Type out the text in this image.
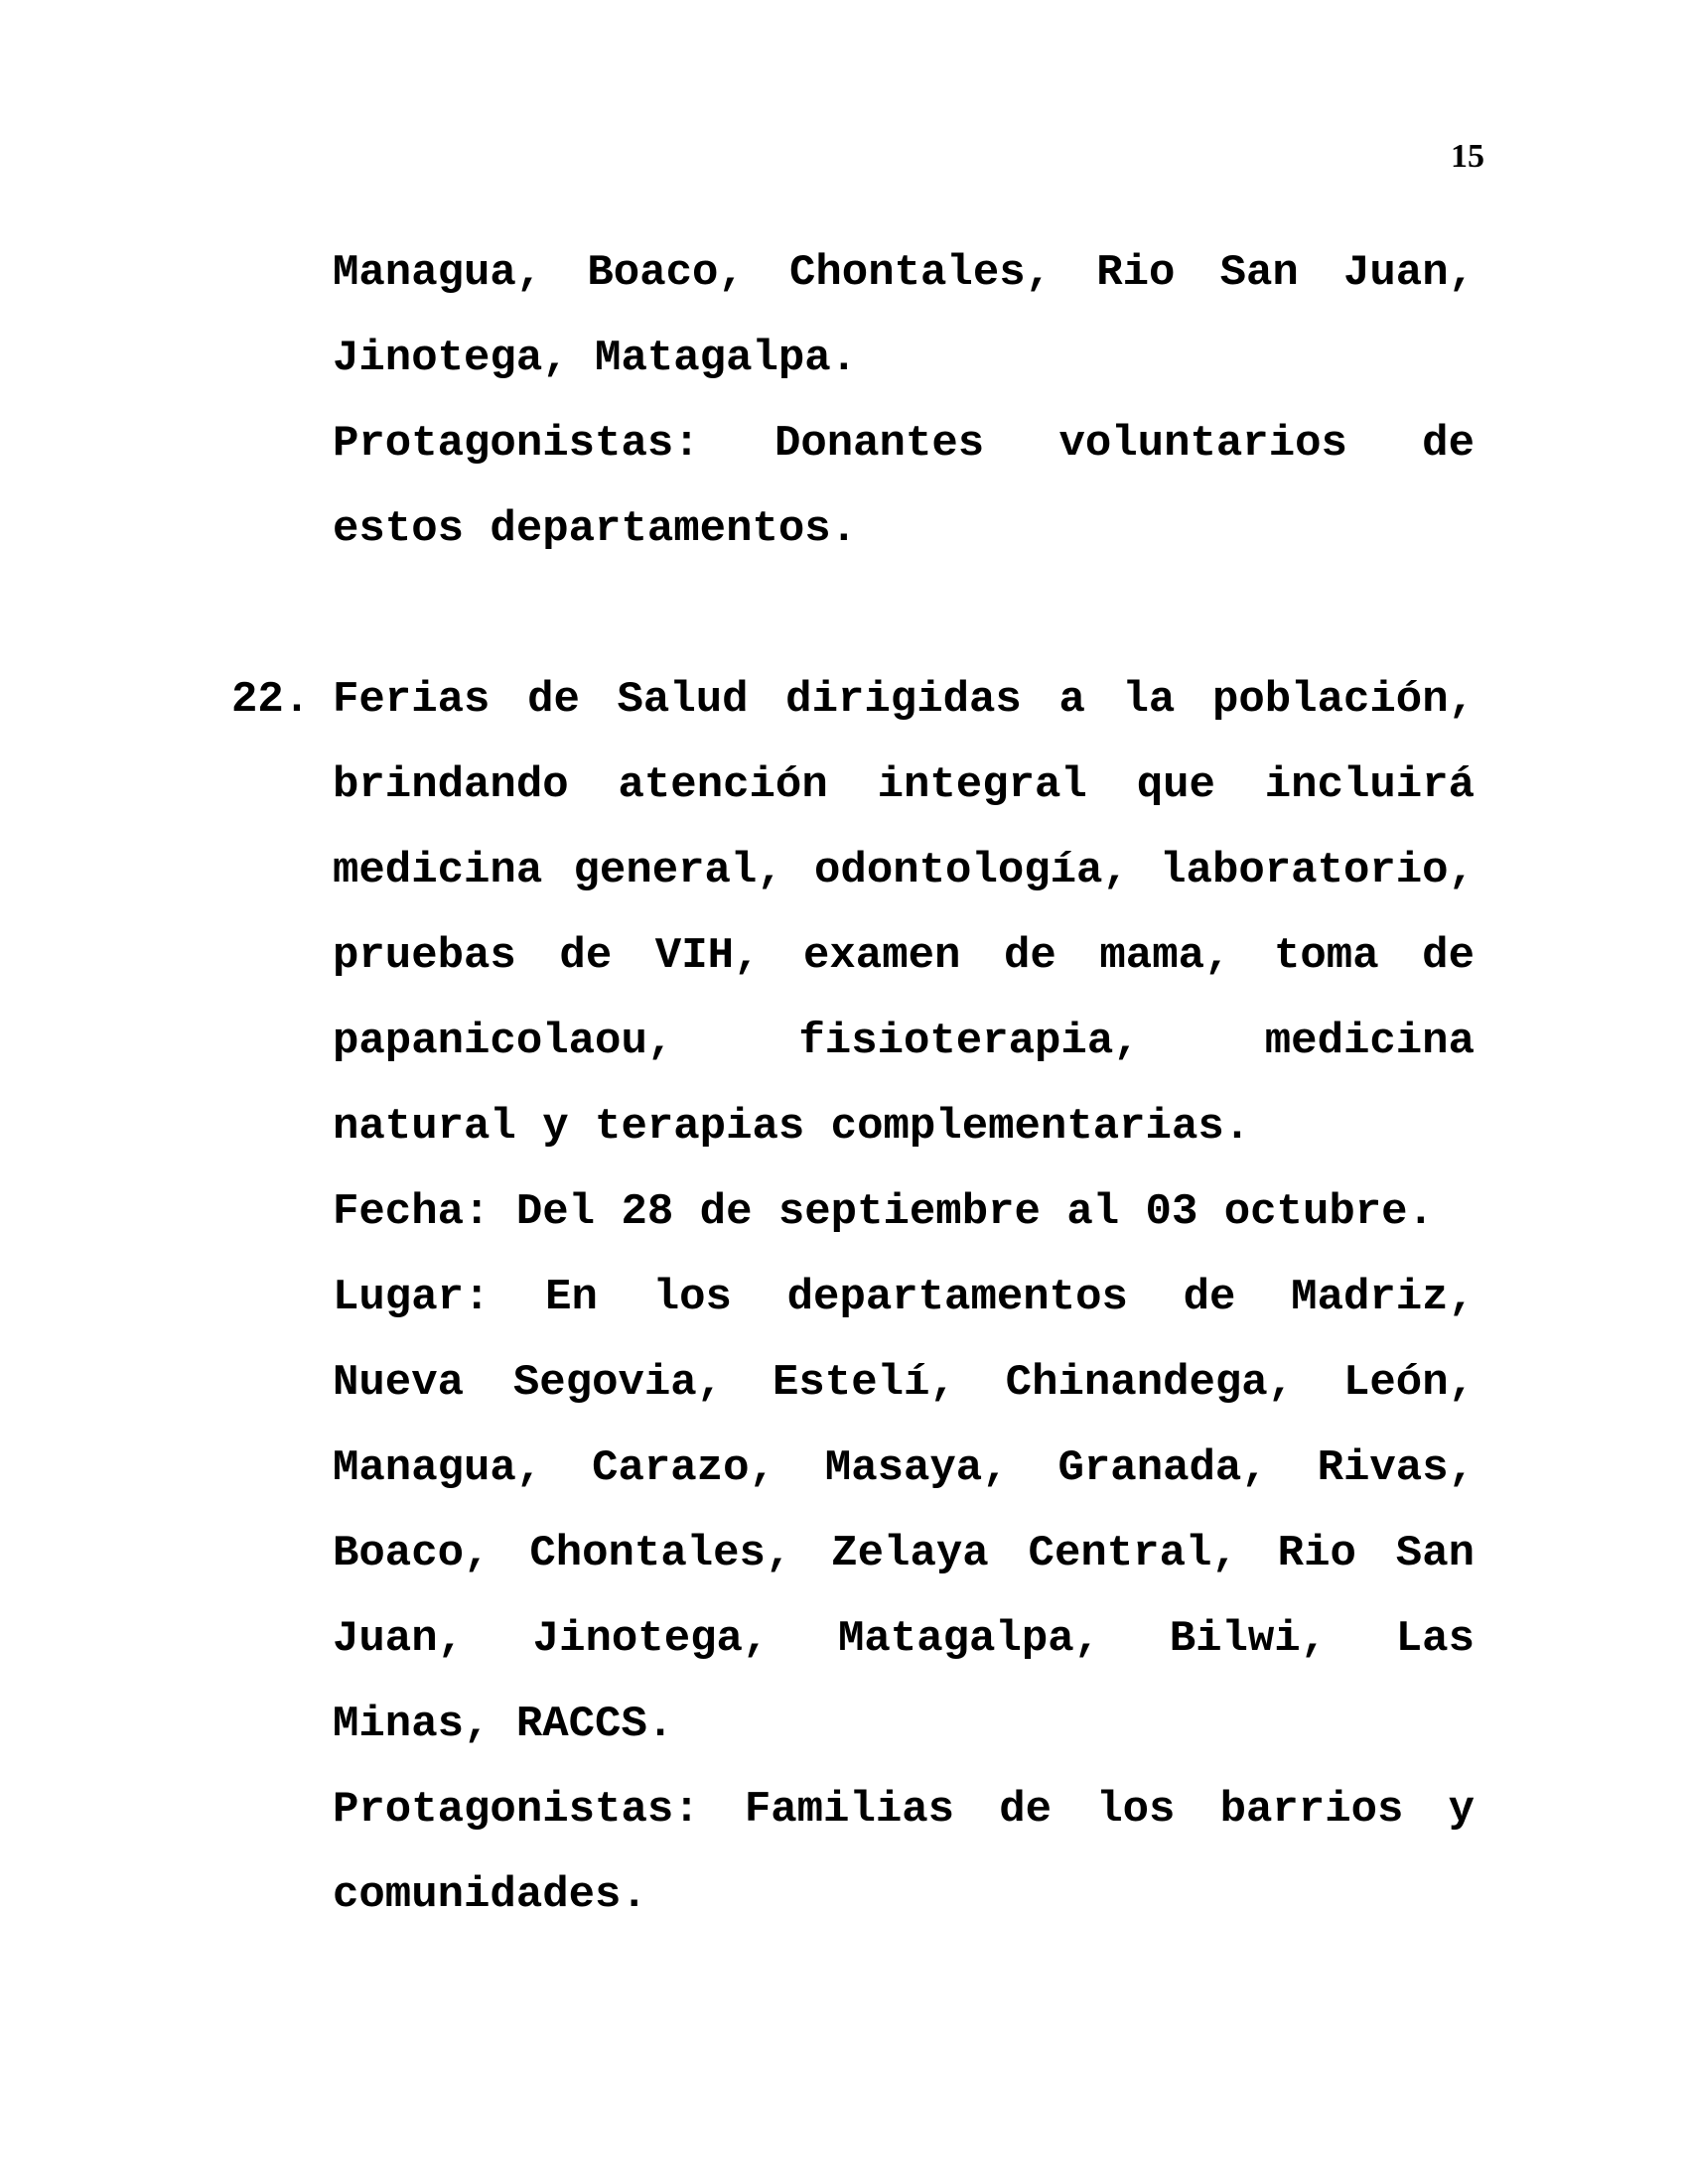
15

Managua, Boaco, Chontales, Rio San Juan, Jinotega, Matagalpa.

Protagonistas: Donantes voluntarios de estos departamentos.

22. Ferias de Salud dirigidas a la población, brindando atención integral que incluirá medicina general, odontología, laboratorio, pruebas de VIH, examen de mama, toma de papanicolaou, fisioterapia, medicina natural y terapias complementarias.

Fecha: Del 28 de septiembre al 03 octubre.

Lugar: En los departamentos de Madriz, Nueva Segovia, Estelí, Chinandega, León, Managua, Carazo, Masaya, Granada, Rivas, Boaco, Chontales, Zelaya Central, Rio San Juan, Jinotega, Matagalpa, Bilwi, Las Minas, RACCS.

Protagonistas: Familias de los barrios y comunidades.
